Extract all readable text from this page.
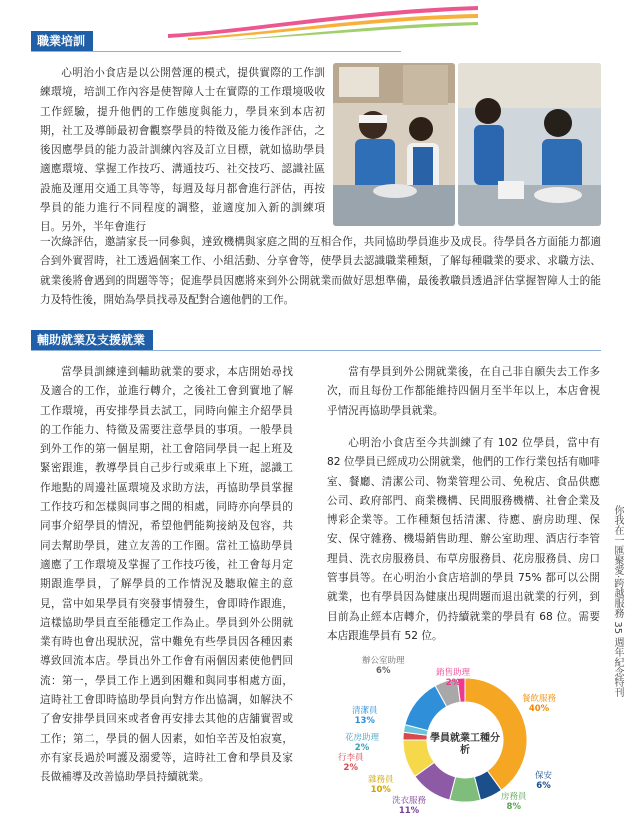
職業培訓

心明治小食店是以公開營運的模式，提供實際的工作訓練環境，培訓工作內容是使智障人士在實際的工作環境吸收工作經驗，提升他們的工作態度與能力，學員來到本店初期，社工及導師最初會觀察學員的特徵及能力後作評估，之後因應學員的能力設計訓練內容及訂立目標，就如協助學員適應環境、掌握工作技巧、溝通技巧、社交技巧、認識社區設施及運用交通工具等等，每週及每月都會進行評估，再按學員的能力進行不同程度的調整，並適度加入新的訓練項目。另外，半年會進行

一次綠評估，邀請家長一同參與，達致機構與家庭之間的互相合作，共同協助學員進步及成長。待學員各方面能力都適合到外實習時，社工透過個案工作、小組活動、分享會等，使學員去認識職業種類，了解每種職業的要求、求職方法、就業後將會遇到的問題等等；促進學員因應將來到外公開就業而做好思想準備，最後教職員透過評估掌握智障人士的能力及特性後，開始為學員找尋及配對合適他們的工作。

輔助就業及支援就業

當學員訓練達到輔助就業的要求，本店開始尋找及適合的工作，並進行轉介，之後社工會到實地了解工作環境，再安排學員去試工，同時向僱主介紹學員的工作能力、特徵及需要注意學員的事項。一般學員到外工作的第一個星期，社工會陪同學員一起上班及緊密跟進，教導學員自己步行或乘車上下班，認識工作地點的周邊社區環境及求助方法，再協助學員掌握工作技巧和怎樣與同事之間的相處，同時亦向學員的同事介紹學員的情況，希望他們能夠接納及包容，共同去幫助學員，建立友善的工作圈。當社工協助學員適應了工作環境及掌握了工作技巧後，社工會每月定期跟進學員，了解學員的工作情況及聽取僱主的意見，當中如果學員有突發事情發生，會即時作跟進，這樣協助學員直至能穩定工作為止。學員到外公開就業有時也會出現狀況，當中難免有些學員因各種因素導致回流本店。學員出外工作會有兩個因素使他們回流：第一，學員工作上遇到困難和與同事相處方面，這時社工會即時協助學員向對方作出協調，如解決不了會安排學員回來或者會再安排去其他的店舖實習或工作；第二，學員的個人因素，如怕辛苦及怕寂寞，亦有家長過於呵護及溺愛等，這時社工會和學員及家長做補導及改善協助學員持續就業。

當有學員到外公開就業後，在自己非自願失去工作多次，而且每份工作都能維持四個月至半年以上，本店會視乎情況再協助學員就業。

心明治小食店至今共訓練了有 102 位學員，當中有 82 位學員已經成功公開就業，他們的工作行業包括有咖啡室、餐廳、清潔公司、物業管理公司、免稅店、食品供應公司、政府部門、商業機構、民間服務機構、社會企業及博彩企業等。工作種類包括清潔、待應、廚房助理、保安、保守雜務、機場銷售助理、辦公室助理、酒店行李管理員、洗衣房服務員、布草房服務員、花房服務員、房口管事員等。在心明治小食店培訓的學員 75% 都可以公開就業，也有學員因為健康出現問題而退出就業的行列，到目前為止經本店轉介，仍持續就業的學員有 68 位。需要本店跟進學員有 52 位。

學員就業工種分析
餐飲服務
40%
保安
6%
房務員
8%
洗衣服務
11%
雜務員
10%
行李員
2%
花房助理
2%
清潔員
13%
辦公室助理
6%	銷售助理
2%	你我在一匯聚愛‧跨越服務 35 週年紀念特刊
